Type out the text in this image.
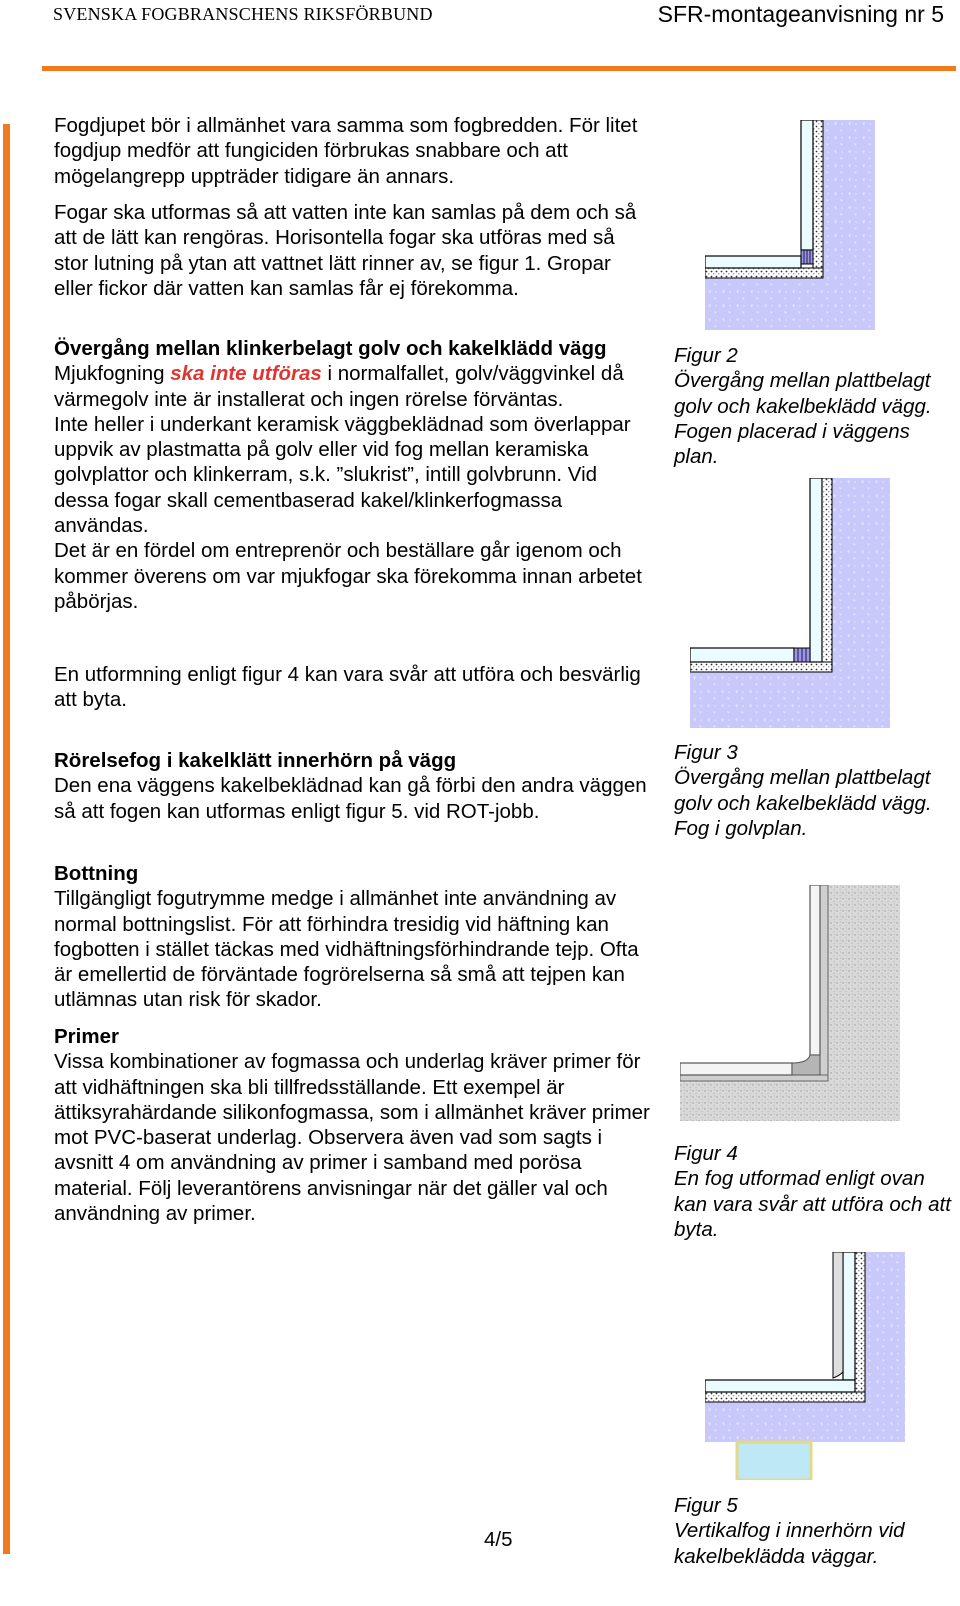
SVENSKA FOGBRANSCHENS RIKSFÖRBUND	SFR-montageanvisning nr 5

Fogdjupet bör i allmänhet vara samma som fogbredden. För litet fogdjup medför att fungiciden förbrukas snabbare och att mögelangrepp uppträder tidigare än annars.

Fogar ska utformas så att vatten inte kan samlas på dem och så att de lätt kan rengöras. Horisontella fogar ska utföras med så stor lutning på ytan att vattnet lätt rinner av, se figur 1. Gropar eller fickor där vatten kan samlas får ej förekomma.

Övergång mellan klinkerbelagt golv och kakelklädd vägg

Mjukfogning ska inte utföras i normalfallet, golv/väggvinkel då värmegolv inte är installerat och ingen rörelse förväntas.

Inte heller i underkant keramisk väggbeklädnad som överlappar uppvik av plastmatta på golv eller vid fog mellan keramiska golvplattor och klinkerram, s.k. ”slukrist”, intill golvbrunn. Vid dessa fogar skall cementbaserad kakel/klinkerfogmassa användas.

Det är en fördel om entreprenör och beställare går igenom och kommer överens om var mjukfogar ska förekomma innan arbetet påbörjas.

En utformning enligt figur 4 kan vara svår att utföra och besvärlig att byta.

Rörelsefog i kakelklätt innerhörn på vägg

Den ena väggens kakelbeklädnad kan gå förbi den andra väggen så att fogen kan utformas enligt figur 5. vid ROT-jobb.

Bottning

Tillgängligt fogutrymme medge i allmänhet inte användning av normal bottningslist. För att förhindra tresidig vid häftning kan fogbotten i stället täckas med vidhäftningsförhindrande tejp. Ofta är emellertid de förväntade fogrörelserna så små att tejpen kan utlämnas utan risk för skador.

Primer

Vissa kombinationer av fogmassa och underlag kräver primer för att vidhäftningen ska bli tillfredsställande. Ett exempel är ättiksyrahärdande silikonfogmassa, som i allmänhet kräver primer mot PVC-baserat underlag. Observera även vad som sagts i avsnitt 4 om användning av primer i samband med porösa material. Följ leverantörens anvisningar när det gäller val och användning av primer.

Figur 2

Övergång mellan plattbelagt golv och kakelbeklädd vägg. Fogen placerad i väggens plan.

Figur 3

Övergång mellan plattbelagt golv och kakelbeklädd vägg. Fog i golvplan.

Figur 4

En fog utformad enligt ovan kan vara svår att utföra och att byta.

Figur 5

Vertikalfog i innerhörn vid kakelbeklädda väggar.

4/5
